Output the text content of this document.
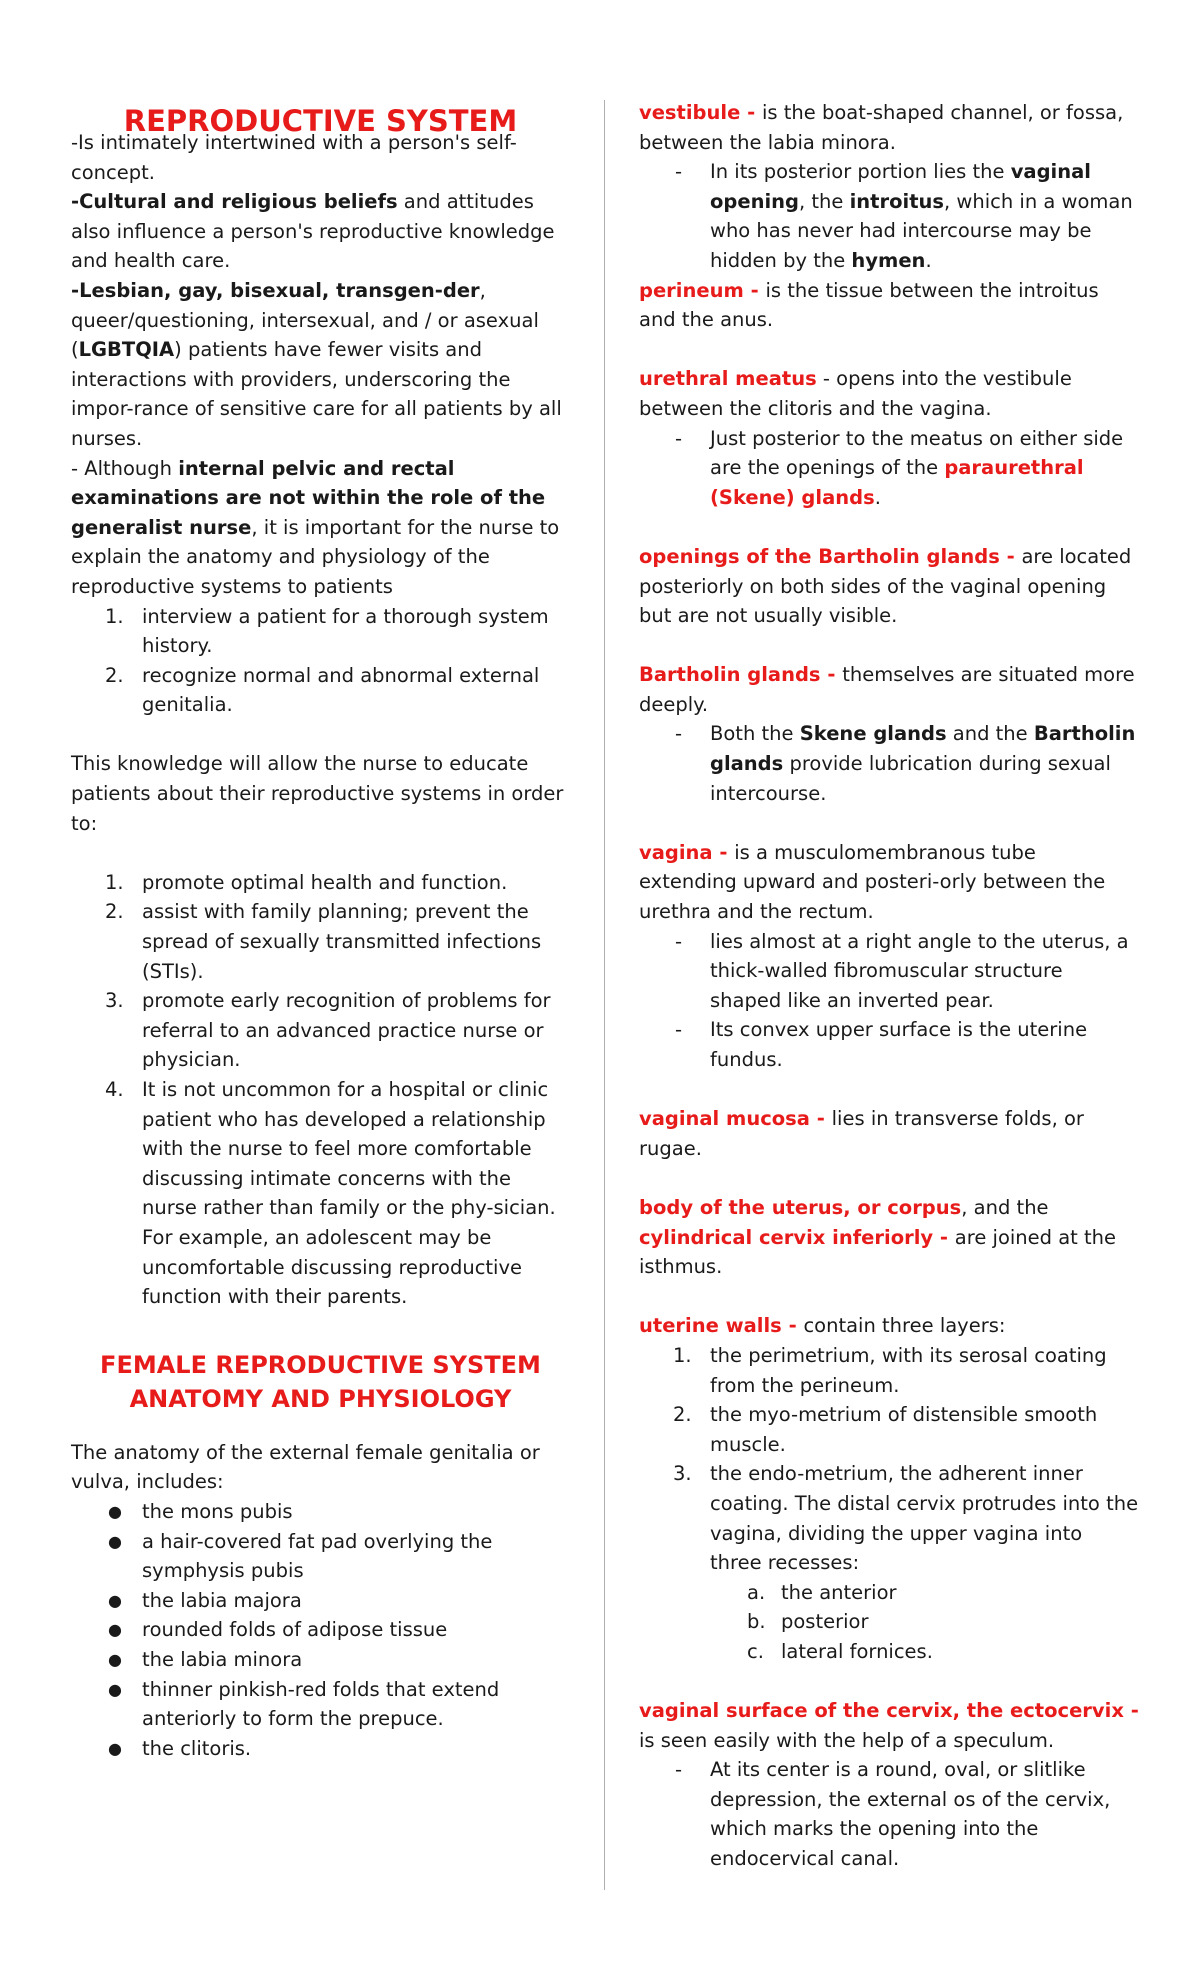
REPRODUCTIVE SYSTEM

-Is intimately intertwined with a person's self-concept.

-Cultural and religious beliefs and attitudes also influence a person's reproductive knowledge and health care.

-Lesbian, gay, bisexual, transgen-der, queer/questioning, intersexual, and / or asexual (LGBTQIA) patients have fewer visits and interactions with providers, underscoring the impor-rance of sensitive care for all patients by all nurses.

- Although internal pelvic and rectal examinations are not within the role of the generalist nurse, it is important for the nurse to explain the anatomy and physiology of the reproductive systems to patients

1. interview a patient for a thorough system history.
2. recognize normal and abnormal external genitalia.

This knowledge will allow the nurse to educate patients about their reproductive systems in order to:

1. promote optimal health and function.
2. assist with family planning; prevent the spread of sexually transmitted infections (STIs).
3. promote early recognition of problems for referral to an advanced practice nurse or physician.
4. It is not uncommon for a hospital or clinic patient who has developed a relationship with the nurse to feel more comfortable discussing intimate concerns with the nurse rather than family or the phy-sician. For example, an adolescent may be uncomfortable discussing reproductive function with their parents.
FEMALE REPRODUCTIVE SYSTEM
ANATOMY AND PHYSIOLOGY

The anatomy of the external female genitalia or vulva, includes:

●	the mons pubis
●	a hair-covered fat pad overlying the symphysis pubis
●	the labia majora
●	rounded folds of adipose tissue
●	the labia minora
●	thinner pinkish-red folds that extend anteriorly to form the prepuce.
●	the clitoris.

vestibule - is the boat-shaped channel, or fossa, between the labia minora.

- In its posterior portion lies the vaginal opening, the introitus, which in a woman who has never had intercourse may be hidden by the hymen.

perineum - is the tissue between the introitus and the anus.

urethral meatus - opens into the vestibule between the clitoris and the vagina.

- Just posterior to the meatus on either side are the openings of the paraurethral (Skene) glands.

openings of the Bartholin glands - are located posteriorly on both sides of the vaginal opening but are not usually visible.

Bartholin glands - themselves are situated more deeply.

- Both the Skene glands and the Bartholin glands provide lubrication during sexual intercourse.

vagina - is a musculomembranous tube extending upward and posteri-orly between the urethra and the rectum.

- lies almost at a right angle to the uterus, a thick-walled fibromuscular structure shaped like an inverted pear.
- Its convex upper surface is the uterine fundus.

vaginal mucosa - lies in transverse folds, or rugae.

body of the uterus, or corpus, and the cylindrical cervix inferiorly - are joined at the isthmus.

uterine walls - contain three layers:

1. the perimetrium, with its serosal coating from the perineum.
2. the myo-metrium of distensible smooth muscle.
3. the endo-metrium, the adherent inner coating. The distal cervix protrudes into the vagina, dividing the upper vagina into three recesses:
a. the anterior
b. posterior
c. lateral fornices.

vaginal surface of the cervix, the ectocervix - is seen easily with the help of a speculum.

- At its center is a round, oval, or slitlike depression, the external os of the cervix, which marks the opening into the endocervical canal.
